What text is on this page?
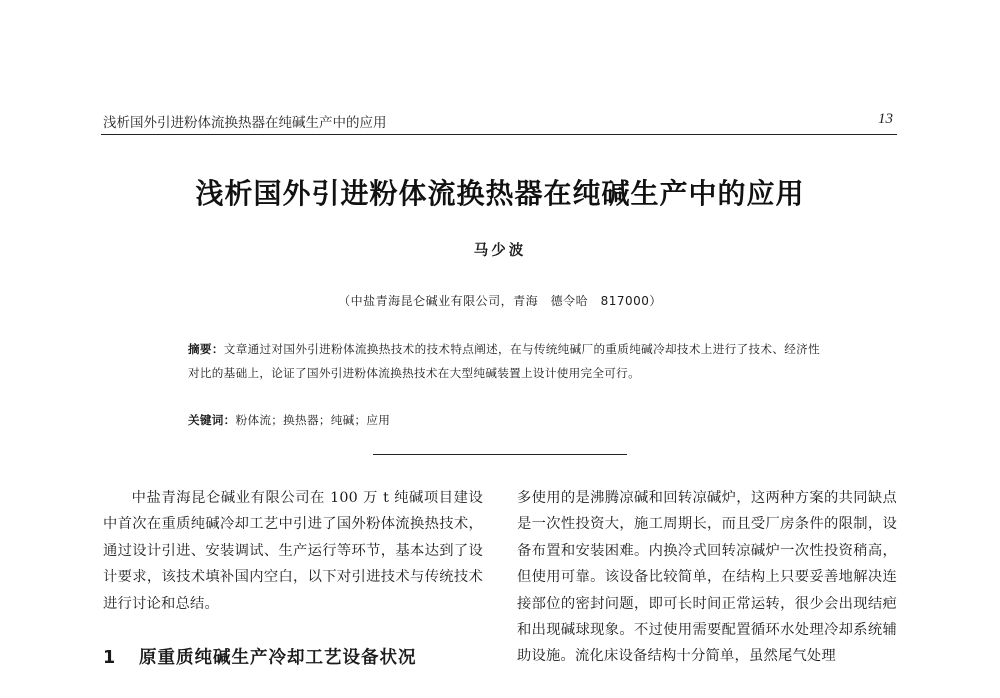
浅析国外引进粉体流换热器在纯碱生产中的应用	13
浅析国外引进粉体流换热器在纯碱生产中的应用
马少波
（中盐青海昆仑碱业有限公司，青海　德令哈　817000）
摘要：文章通过对国外引进粉体流换热技术的技术特点阐述，在与传统纯碱厂的重质纯碱冷却技术上进行了技术、经济性对比的基础上，论证了国外引进粉体流换热技术在大型纯碱装置上设计使用完全可行。
关键词：粉体流；换热器；纯碱；应用

中盐青海昆仑碱业有限公司在 100 万 t 纯碱项目建设中首次在重质纯碱冷却工艺中引进了国外粉体流换热技术，通过设计引进、安装调试、生产运行等环节，基本达到了设计要求，该技术填补国内空白，以下对引进技术与传统技术进行讨论和总结。

1 原重质纯碱生产冷却工艺设备状况

多使用的是沸腾凉碱和回转凉碱炉，这两种方案的共同缺点是一次性投资大，施工周期长，而且受厂房条件的限制，设备布置和安装困难。内换冷式回转凉碱炉一次性投资稍高，但使用可靠。该设备比较简单，在结构上只要妥善地解决连接部位的密封问题，即可长时间正常运转，很少会出现结疤和出现碱球现象。不过使用需要配置循环水处理冷却系统辅助设施。流化床设备结构十分简单，虽然尾气处理
